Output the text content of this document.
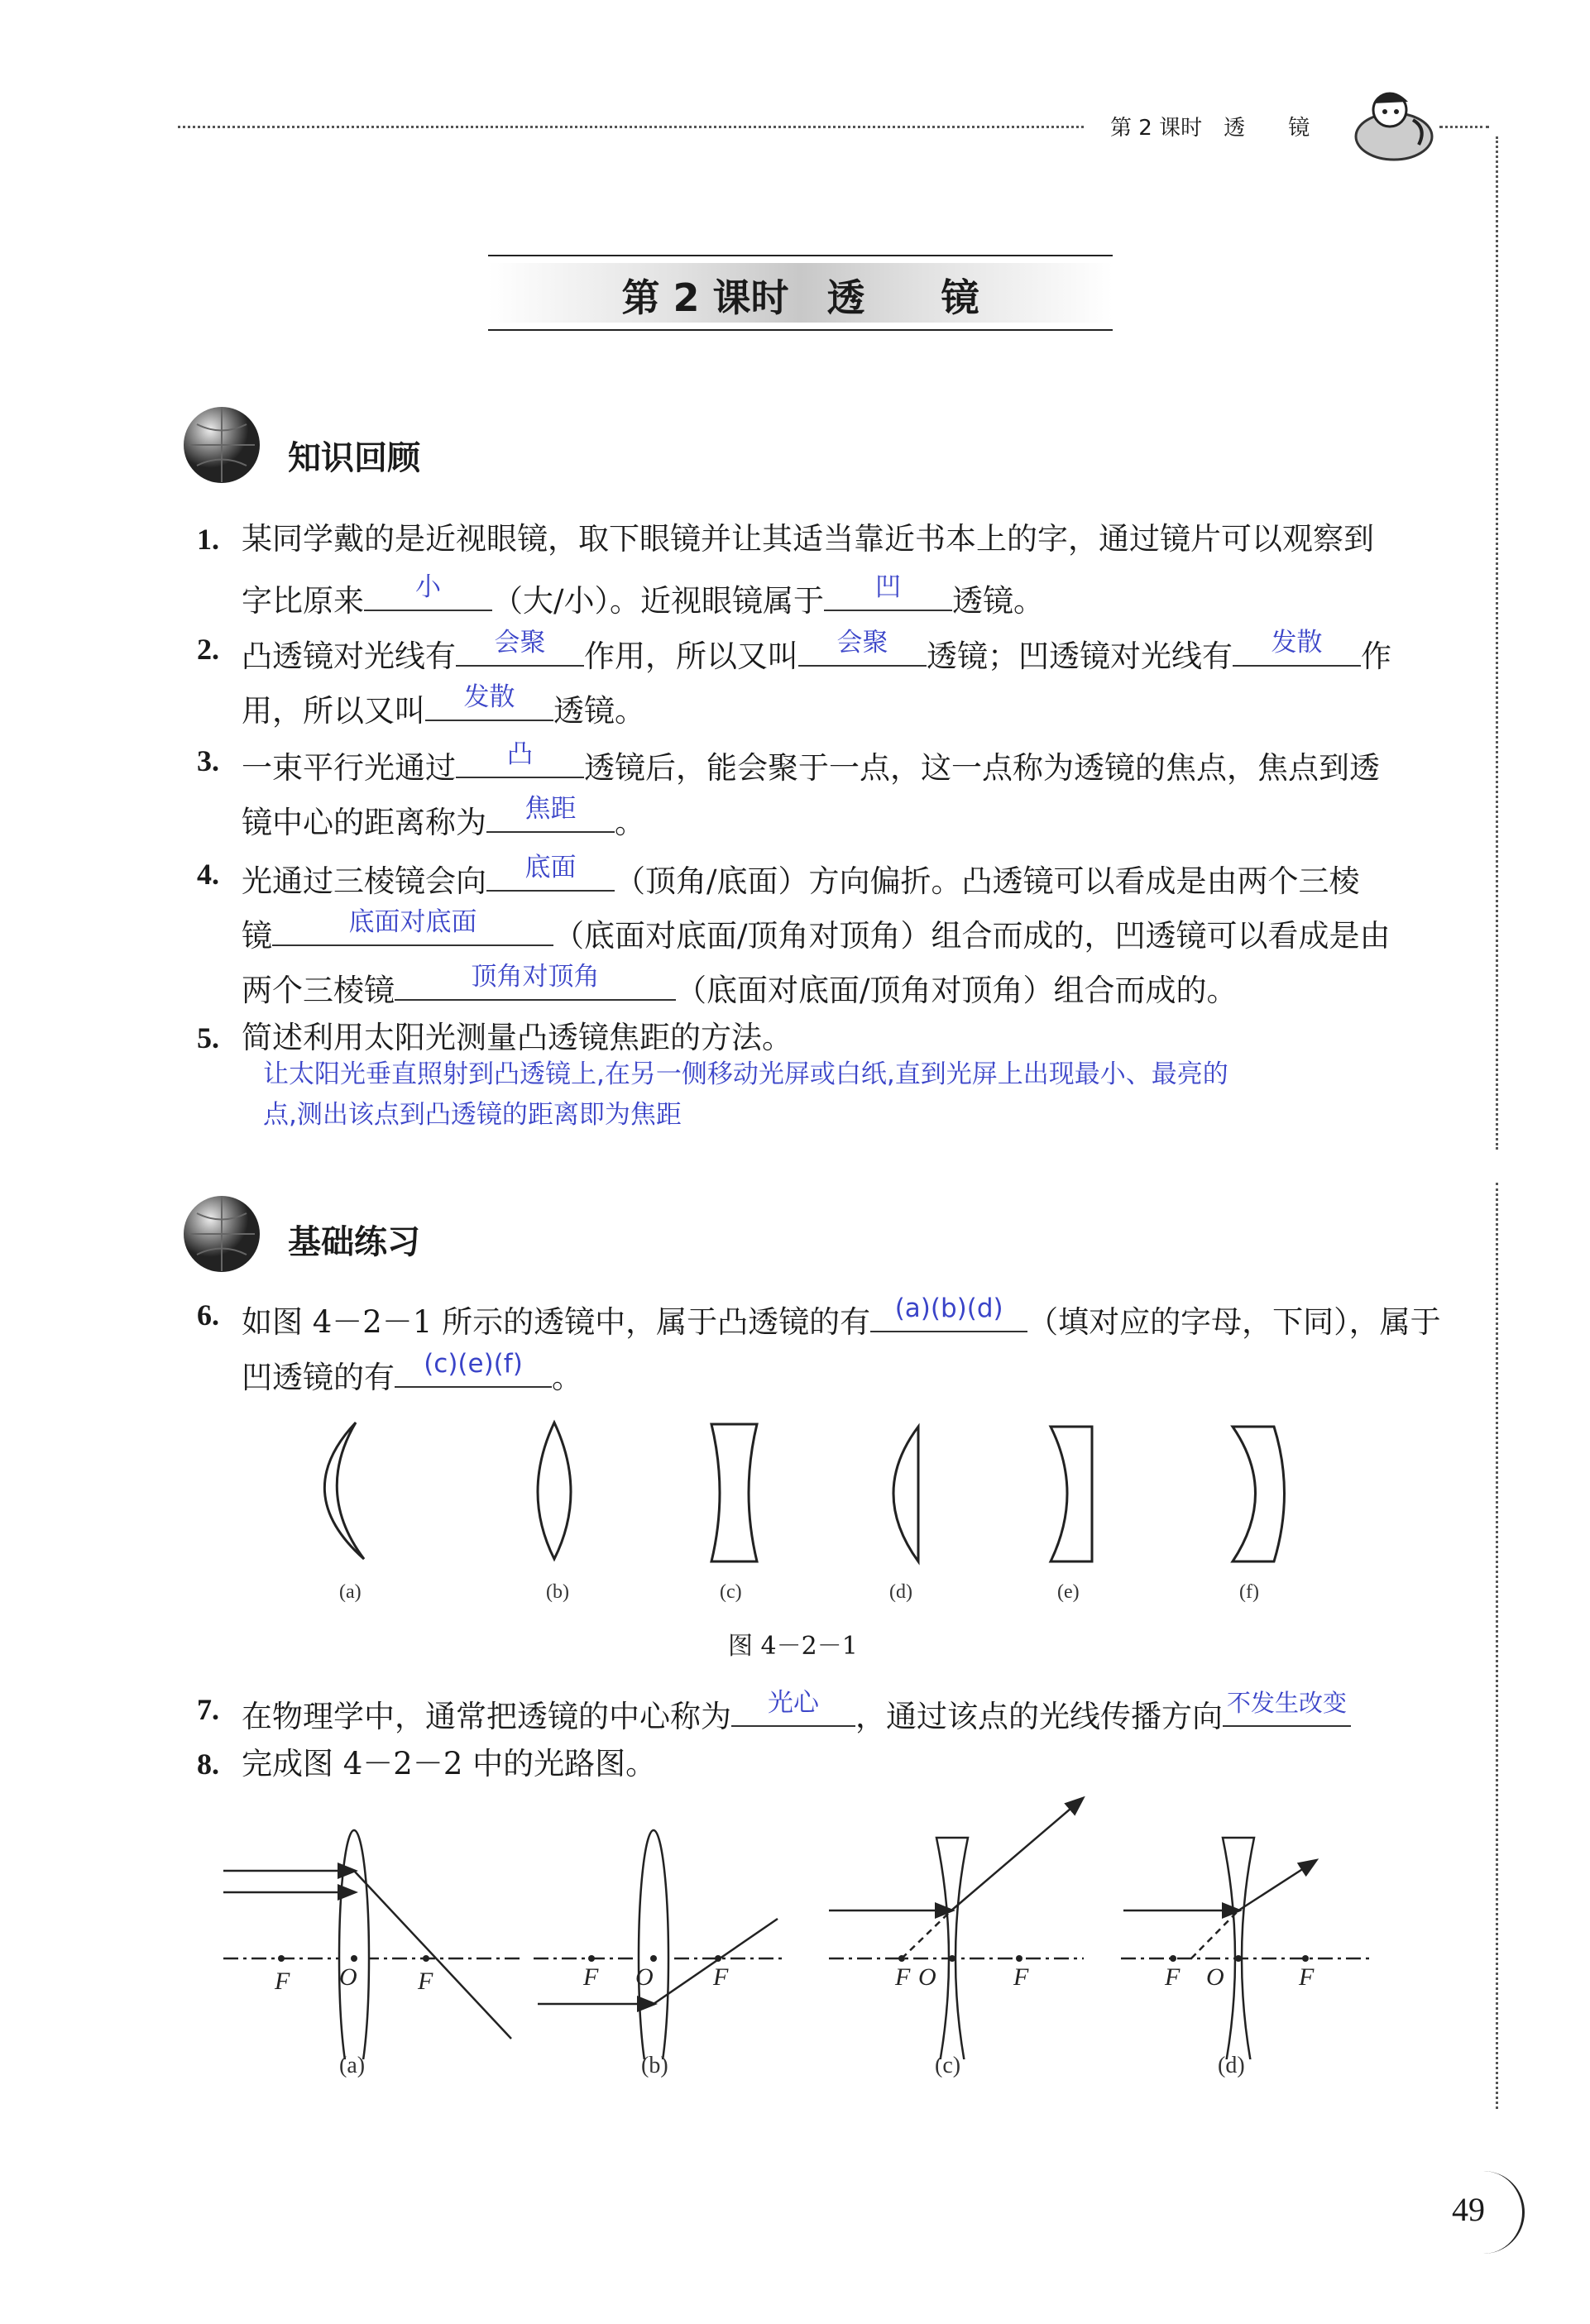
第 2 课时　透　　镜
第 2 课时　透　　镜
知识回顾
1. 某同学戴的是近视眼镜，取下眼镜并让其适当靠近书本上的字，通过镜片可以观察到
字比原来	小	（大/小）。近视眼镜属于	凹	透镜。
2. 凸透镜对光线有	会聚	作用，所以又叫	会聚	透镜；凹透镜对光线有	发散	作
用，所以又叫	发散	透镜。
3. 一束平行光通过	凸	透镜后，能会聚于一点，这一点称为透镜的焦点，焦点到透
镜中心的距离称为	焦距	。
4. 光通过三棱镜会向	底面	（顶角/底面）方向偏折。凸透镜可以看成是由两个三棱
镜	底面对底面	（底面对底面/顶角对顶角）组合而成的，凹透镜可以看成是由
两个三棱镜	顶角对顶角	（底面对底面/顶角对顶角）组合而成的。
5. 简述利用太阳光测量凸透镜焦距的方法。
让太阳光垂直照射到凸透镜上,在另一侧移动光屏或白纸,直到光屏上出现最小、最亮的
点,测出该点到凸透镜的距离即为焦距
基础练习
6. 如图 4－2－1 所示的透镜中，属于凸透镜的有 (a)(b)(d) （填对应的字母，下同），属于
凹透镜的有	(c)(e)(f) 。
(a)	(b)	(c)	(d)	(e)	(f)
图 4－2－1
7. 在物理学中，通常把透镜的中心称为	光心	，通过该点的光线传播方向 不发生改变
8. 完成图 4－2－2 中的光路图。
F O F	F O F	F O	F	F O	F
(a)	(b)	(c)	(d)
49
